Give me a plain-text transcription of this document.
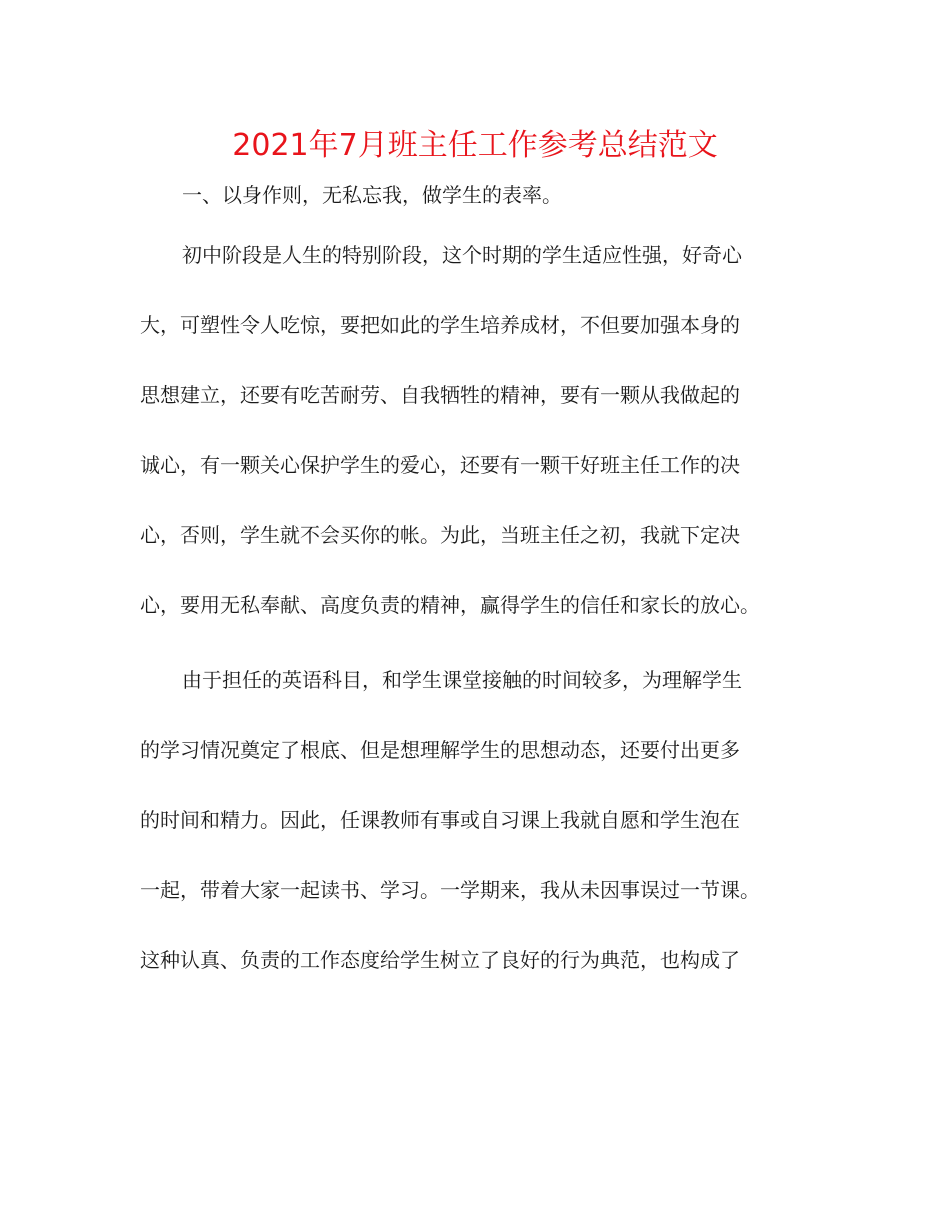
2021年7月班主任工作参考总结范文
一、以身作则，无私忘我，做学生的表率。
初中阶段是人生的特别阶段，这个时期的学生适应性强，好奇心
大，可塑性令人吃惊，要把如此的学生培养成材，不但要加强本身的
思想建立，还要有吃苦耐劳、自我牺牲的精神，要有一颗从我做起的
诚心，有一颗关心保护学生的爱心，还要有一颗干好班主任工作的决
心，否则，学生就不会买你的帐。为此，当班主任之初，我就下定决
心，要用无私奉献、高度负责的精神，赢得学生的信任和家长的放心。
由于担任的英语科目，和学生课堂接触的时间较多，为理解学生
的学习情况奠定了根底、但是想理解学生的思想动态，还要付出更多
的时间和精力。因此，任课教师有事或自习课上我就自愿和学生泡在
一起，带着大家一起读书、学习。一学期来，我从未因事误过一节课。
这种认真、负责的工作态度给学生树立了良好的行为典范，也构成了
